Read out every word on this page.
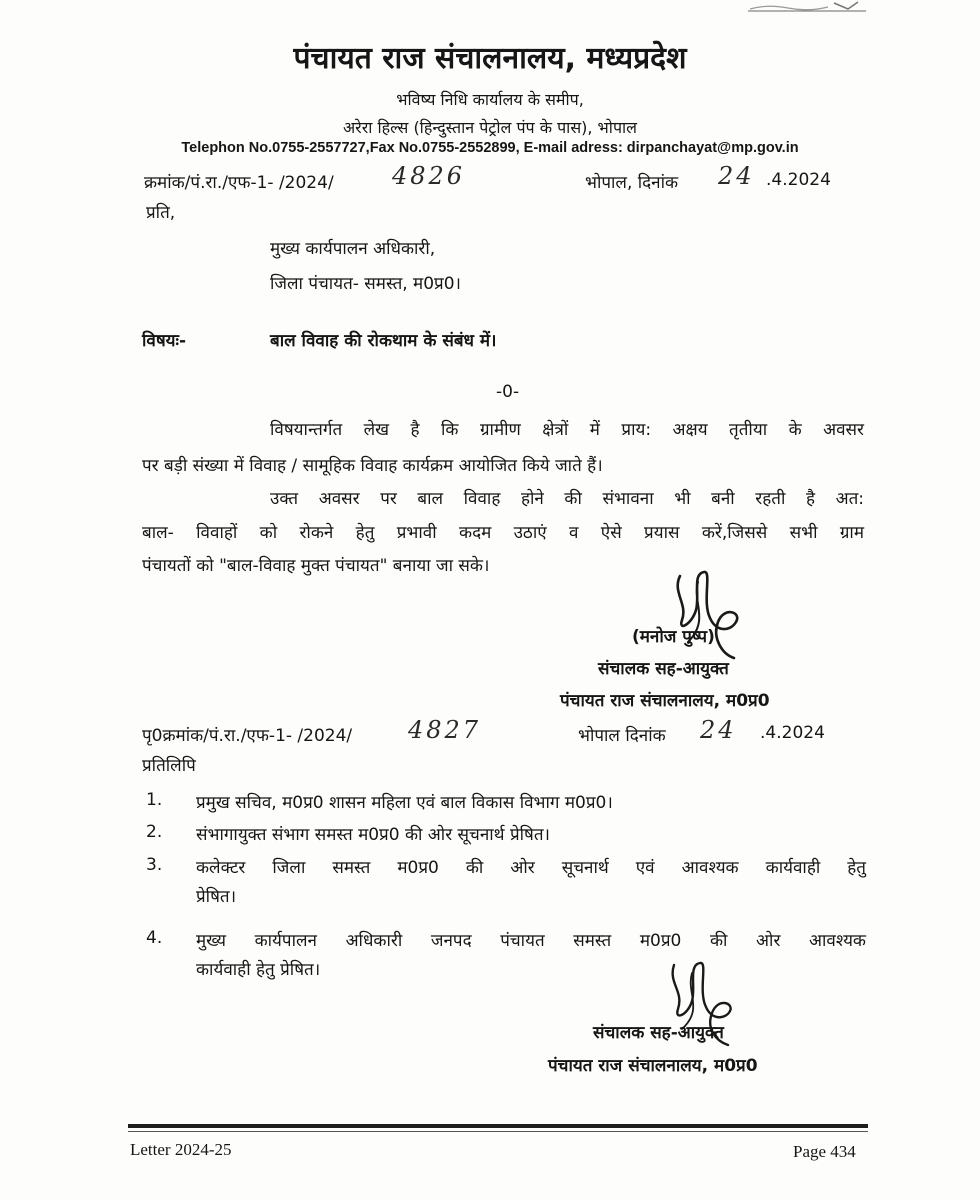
पंचायत राज संचालनालय, मध्यप्रदेश
भविष्य निधि कार्यालय के समीप,
अरेरा हिल्स (हिन्दुस्तान पेट्रोल पंप के पास), भोपाल
Telephon No.0755-2557727,Fax No.0755-2552899, E-mail adress: dirpanchayat@mp.gov.in
क्रमांक/पं.रा./एफ-1- /2024/ 4826	भोपाल, दिनांक 24 .4.2024
प्रति,
मुख्य कार्यपालन अधिकारी,
जिला पंचायत- समस्त, म0प्र0।
विषयः-	बाल विवाह की रोकथाम के संबंध में।
-0-
विषयान्तर्गत लेख है कि ग्रामीण क्षेत्रों में प्राय: अक्षय तृतीया के अवसर
पर बड़ी संख्या में विवाह / सामूहिक विवाह कार्यक्रम आयोजित किये जाते हैं।
उक्त अवसर पर बाल विवाह होने की संभावना भी बनी रहती है अत:
बाल- विवाहों को रोकने हेतु प्रभावी कदम उठाएं व ऐसे प्रयास करें,जिससे सभी ग्राम
पंचायतों को "बाल-विवाह मुक्त पंचायत" बनाया जा सके।
(मनोज पुष्प)
संचालक सह-आयुक्त
पंचायत राज संचालनालय, म0प्र0
पृ0क्रमांक/पं.रा./एफ-1- /2024/ 4827	भोपाल दिनांक 24 .4.2024
प्रतिलिपि
1. प्रमुख सचिव, म0प्र0 शासन महिला एवं बाल विकास विभाग म0प्र0।
2. संभागायुक्त संभाग समस्त म0प्र0 की ओर सूचनार्थ प्रेषित।
3. कलेक्टर जिला समस्त म0प्र0 की ओर सूचनार्थ एवं आवश्यक कार्यवाही हेतु
प्रेषित।
4. मुख्य कार्यपालन अधिकारी जनपद पंचायत समस्त म0प्र0 की ओर आवश्यक
कार्यवाही हेतु प्रेषित।
संचालक सह-आयुक्त
पंचायत राज संचालनालय, म0प्र0
Letter 2024-25	Page 434
